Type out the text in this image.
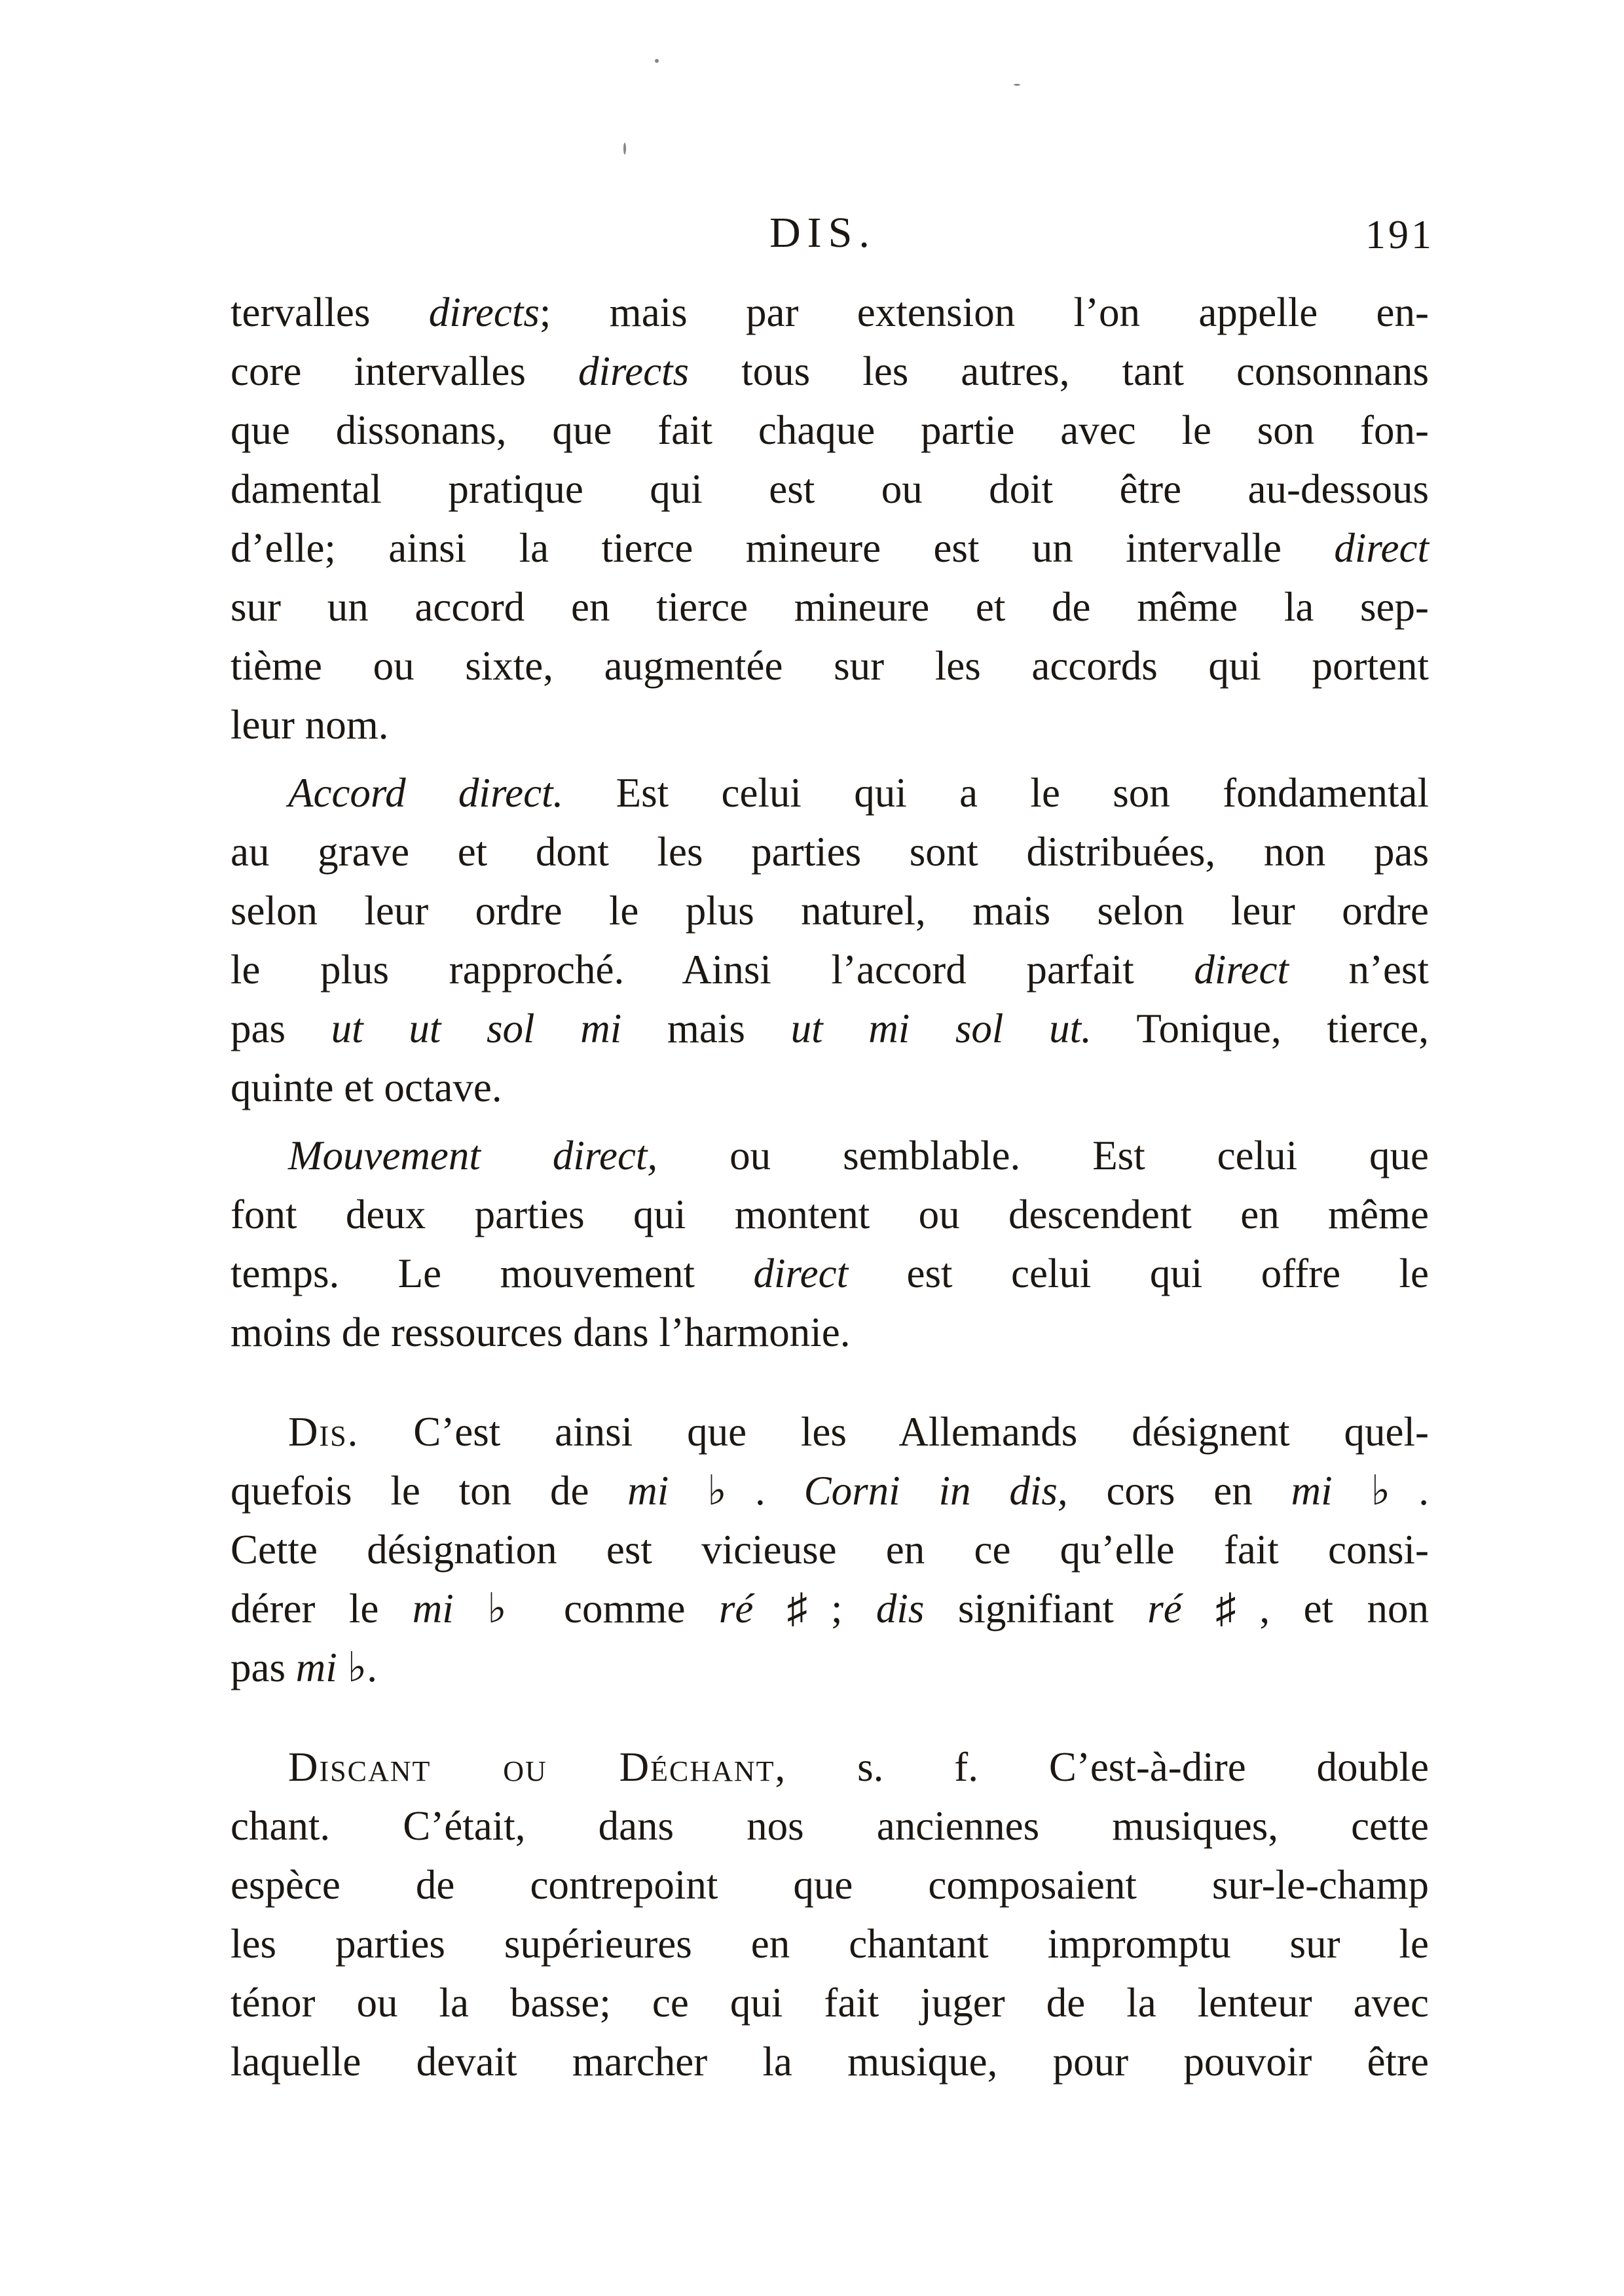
DIS.	191
tervalles directs; mais par extension l’on appelle en-
core intervalles directs tous les autres, tant consonnans
que dissonans, que fait chaque partie avec le son fon-
damental pratique qui est ou doit être au-dessous
d’elle; ainsi la tierce mineure est un intervalle direct
sur un accord en tierce mineure et de même la sep-
tième ou sixte, augmentée sur les accords qui portent
leur nom.
Accord direct. Est celui qui a le son fondamental
au grave et dont les parties sont distribuées, non pas
selon leur ordre le plus naturel, mais selon leur ordre
le plus rapproché. Ainsi l’accord parfait direct n’est
pas ut ut sol mi mais ut mi sol ut. Tonique, tierce,
quinte et octave.
Mouvement direct, ou semblable. Est celui que
font deux parties qui montent ou descendent en même
temps. Le mouvement direct est celui qui offre le
moins de ressources dans l’harmonie.
Dis. C’est ainsi que les Allemands désignent quel-
quefois le ton de mi ♭. Corni in dis, cors en mi ♭.
Cette désignation est vicieuse en ce qu’elle fait consi-
dérer le mi ♭ comme ré ♯; dis signifiant ré ♯, et non
pas mi ♭.
Discant ou Déchant, s. f. C’est-à-dire double
chant. C’était, dans nos anciennes musiques, cette
espèce de contrepoint que composaient sur-le-champ
les parties supérieures en chantant impromptu sur le
ténor ou la basse; ce qui fait juger de la lenteur avec
laquelle devait marcher la musique, pour pouvoir être
